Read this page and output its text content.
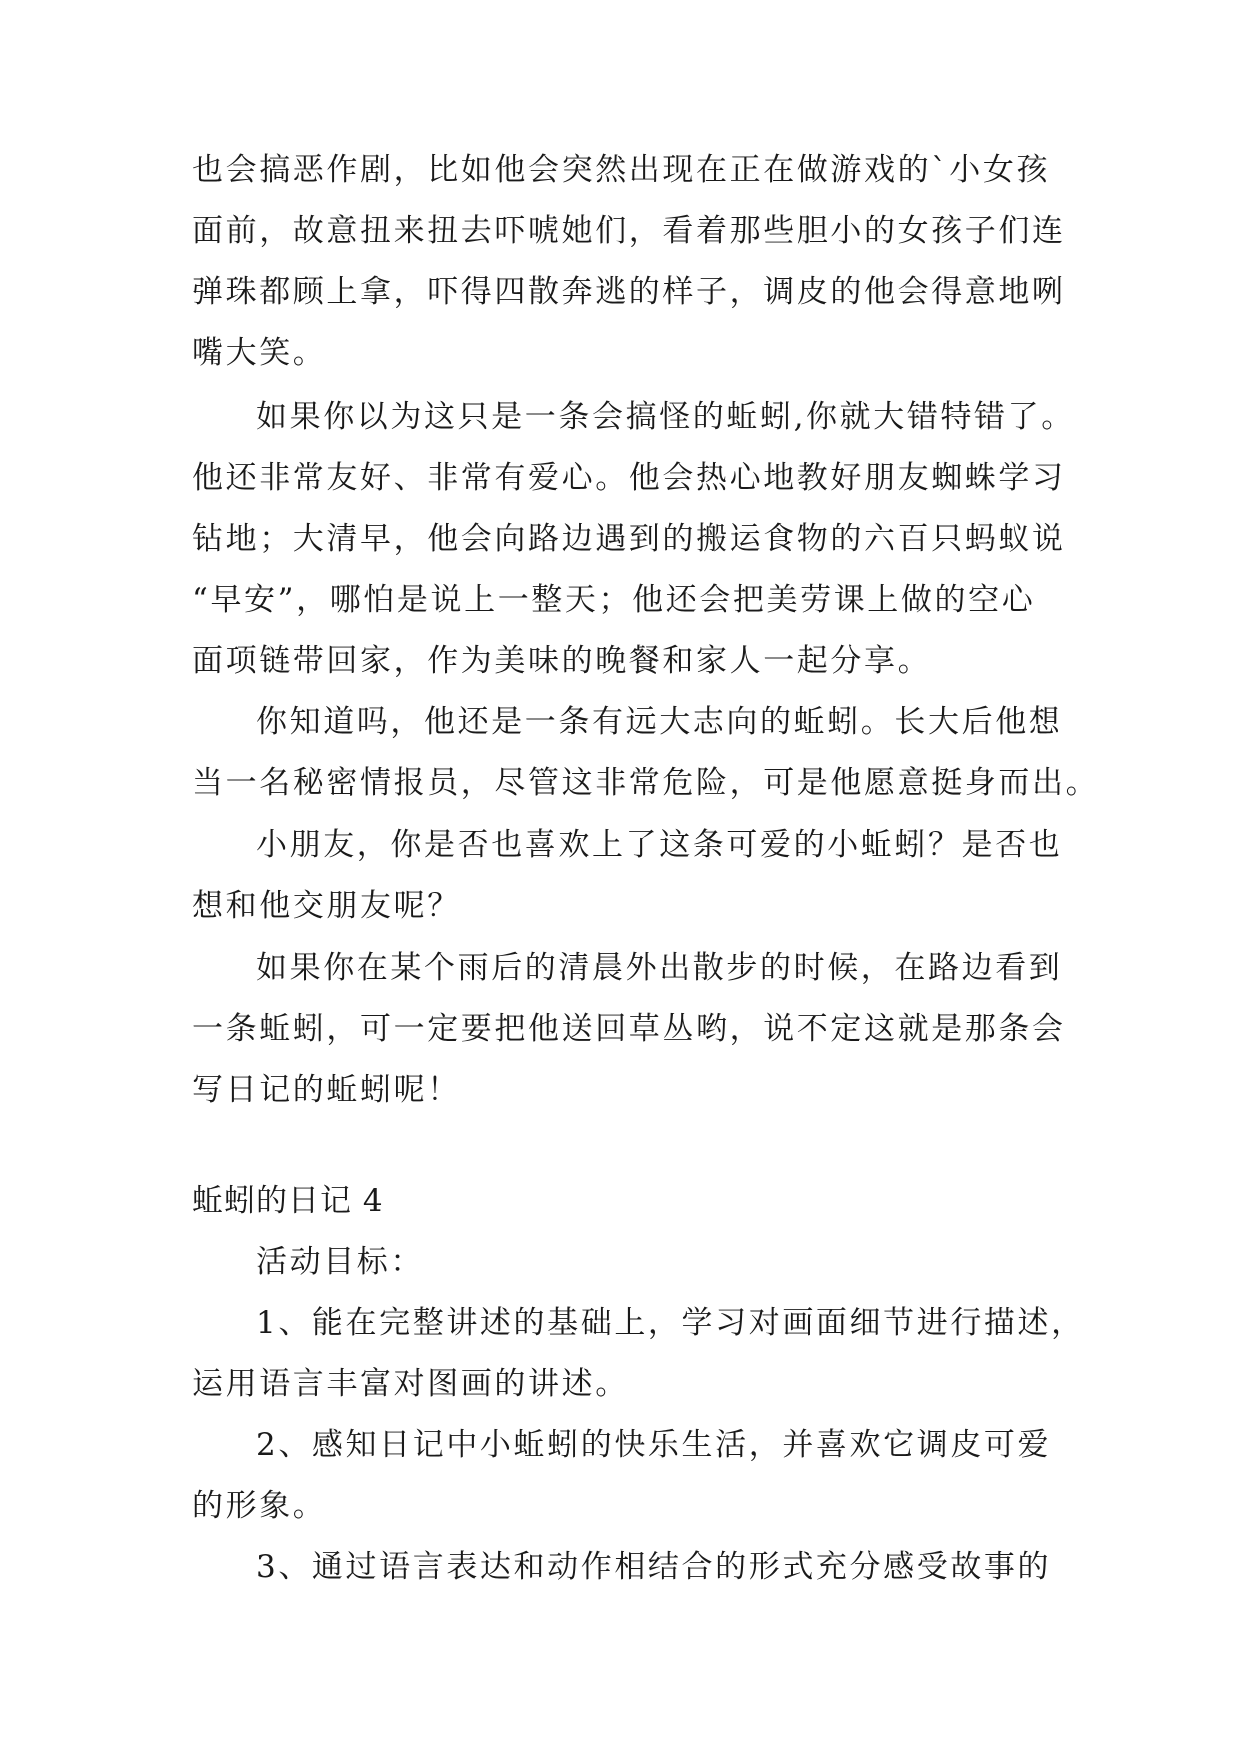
也会搞恶作剧，比如他会突然出现在正在做游戏的`小女孩
面前，故意扭来扭去吓唬她们，看着那些胆小的女孩子们连
弹珠都顾上拿，吓得四散奔逃的样子，调皮的他会得意地咧
嘴大笑。
如果你以为这只是一条会搞怪的蚯蚓,你就大错特错了。
他还非常友好、非常有爱心。他会热心地教好朋友蜘蛛学习
钻地；大清早，他会向路边遇到的搬运食物的六百只蚂蚁说
“早安”，哪怕是说上一整天；他还会把美劳课上做的空心
面项链带回家，作为美味的晚餐和家人一起分享。
你知道吗，他还是一条有远大志向的蚯蚓。长大后他想
当一名秘密情报员，尽管这非常危险，可是他愿意挺身而出。
小朋友，你是否也喜欢上了这条可爱的小蚯蚓？是否也
想和他交朋友呢？
如果你在某个雨后的清晨外出散步的时候，在路边看到
一条蚯蚓，可一定要把他送回草丛哟，说不定这就是那条会
写日记的蚯蚓呢！
蚯蚓的日记 4
活动目标：
1、能在完整讲述的基础上，学习对画面细节进行描述，
运用语言丰富对图画的讲述。
2、感知日记中小蚯蚓的快乐生活，并喜欢它调皮可爱
的形象。
3、通过语言表达和动作相结合的形式充分感受故事的
